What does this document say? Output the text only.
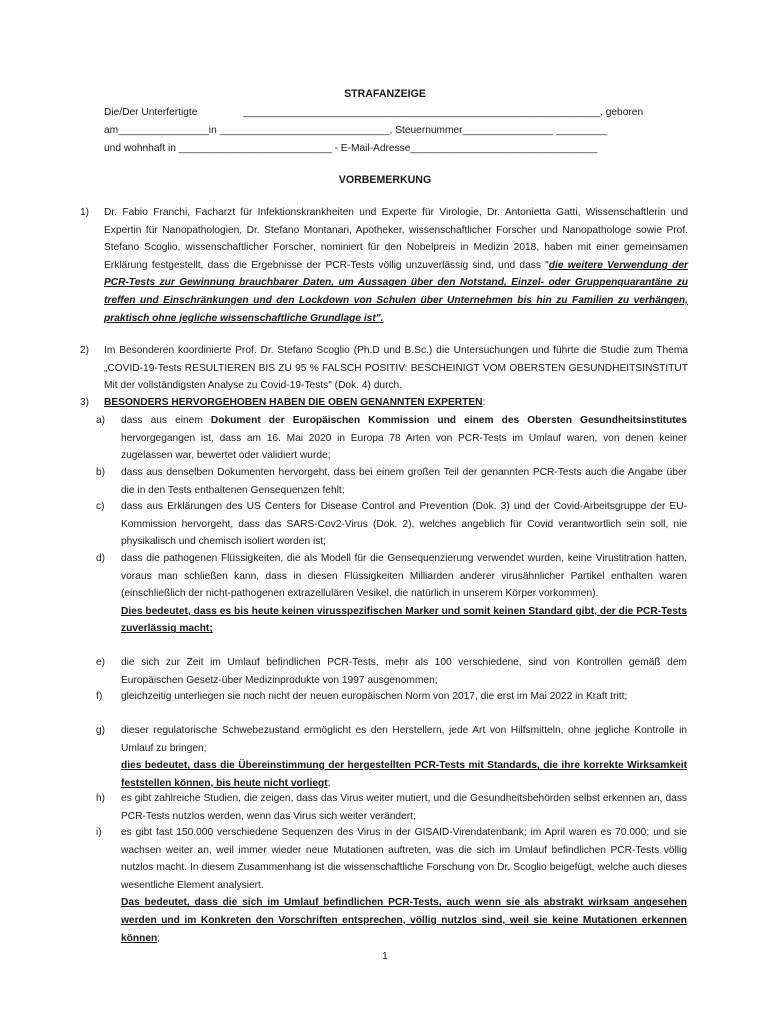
STRAFANZEIGE
Die/Der Unterfertigte	_______________________________________________________________, geboren
am________________in ______________________________, Steuernummer________________ _________
und wohnhaft in ___________________________ - E-Mail-Adresse_________________________________
VORBEMERKUNG
1)	Dr. Fabio Franchi, Facharzt für Infektionskrankheiten und Experte für Virologie, Dr. Antonietta Gatti, Wissenschaftlerin und Expertin für Nanopathologien, Dr. Stefano Montanari, Apotheker, wissenschaftlicher Forscher und Nanopathologe sowie Prof. Stefano Scoglio, wissenschaftlicher Forscher, nominiert für den Nobelpreis in Medizin 2018, haben mit einer gemeinsamen Erklärung festgestellt, dass die Ergebnisse der PCR-Tests völlig unzuverlässig sind, und dass "die weitere Verwendung der PCR-Tests zur Gewinnung brauchbarer Daten, um Aussagen über den Notstand, Einzel- oder Gruppenquarantäne zu treffen und Einschränkungen und den Lockdown von Schulen über Unternehmen bis hin zu Familien zu verhängen, praktisch ohne jegliche wissenschaftliche Grundlage ist".
2)	Im Besonderen koordinierte Prof. Dr. Stefano Scoglio (Ph.D und B.Sc.) die Untersuchungen und führte die Studie zum Thema „COVID-19-Tests RESULTIEREN BIS ZU 95 % FALSCH POSITIV: BESCHEINIGT VOM OBERSTEN GESUNDHEITSINSTITUT Mit der vollständigsten Analyse zu Covid-19-Tests" (Dok. 4) durch.
3)	BESONDERS HERVORGEHOBEN HABEN DIE OBEN GENANNTEN EXPERTEN:
a)	dass aus einem Dokument der Europäischen Kommission und einem des Obersten Gesundheitsinstitutes hervorgegangen ist, dass am 16. Mai 2020 in Europa 78 Arten von PCR-Tests im Umlauf waren, von denen keiner zugelassen war, bewertet oder validiert wurde;
b)	dass aus denselben Dokumenten hervorgeht, dass bei einem großen Teil der genannten PCR-Tests auch die Angabe über die in den Tests enthaltenen Gensequenzen fehlt;
c)	dass aus Erklärungen des US Centers for Disease Control and Prevention (Dok. 3) und der Covid-Arbeitsgruppe der EU-Kommission hervorgeht, dass das SARS-Cov2-Virus (Dok. 2), welches angeblich für Covid verantwortlich sein soll, nie physikalisch und chemisch isoliert worden ist;
d)	dass die pathogenen Flüssigkeiten, die als Modell für die Gensequenzierung verwendet wurden, keine Virustitration hatten, voraus man schließen kann, dass in diesen Flüssigkeiten Milliarden anderer virusähnlicher Partikel enthalten waren (einschließlich der nicht-pathogenen extrazellulären Vesikel, die natürlich in unserem Körper vorkommen).
Dies bedeutet, dass es bis heute keinen virusspezifischen Marker und somit keinen Standard gibt, der die PCR-Tests zuverlässig macht;
e)	die sich zur Zeit im Umlauf befindlichen PCR-Tests, mehr als 100 verschiedene, sind von Kontrollen gemäß dem Europäischen Gesetz-über Medizinprodukte von 1997 ausgenommen;
f)	gleichzeitig unterliegen sie noch nicht der neuen europäischen Norm von 2017, die erst im Mai 2022 in Kraft tritt;
g)	dieser regulatorische Schwebezustand ermöglicht es den Herstellern, jede Art von Hilfsmitteln, ohne jegliche Kontrolle in Umlauf zu bringen;
dies bedeutet, dass die Übereinstimmung der hergestellten PCR-Tests mit Standards, die ihre korrekte Wirksamkeit feststellen können, bis heute nicht vorliegt;
h)	es gibt zahlreiche Studien, die zeigen, dass das Virus weiter mutiert, und die Gesundheitsbehörden selbst erkennen an, dass PCR-Tests nutzlos werden, wenn das Virus sich weiter verändert;
i)	es gibt fast 150.000 verschiedene Sequenzen des Virus in der GISAID-Virendatenbank; im April waren es 70.000; und sie wachsen weiter an, weil immer wieder neue Mutationen auftreten, was die sich im Umlauf befindlichen PCR-Tests völlig nutzlos macht. In diesem Zusammenhang ist die wissenschaftliche Forschung von Dr. Scoglio beigefügt, welche auch dieses wesentliche Element analysiert.
Das bedeutet, dass die sich im Umlauf befindlichen PCR-Tests, auch wenn sie als abstrakt wirksam angesehen werden und im Konkreten den Vorschriften entsprechen, völlig nutzlos sind, weil sie keine Mutationen erkennen können;
1
